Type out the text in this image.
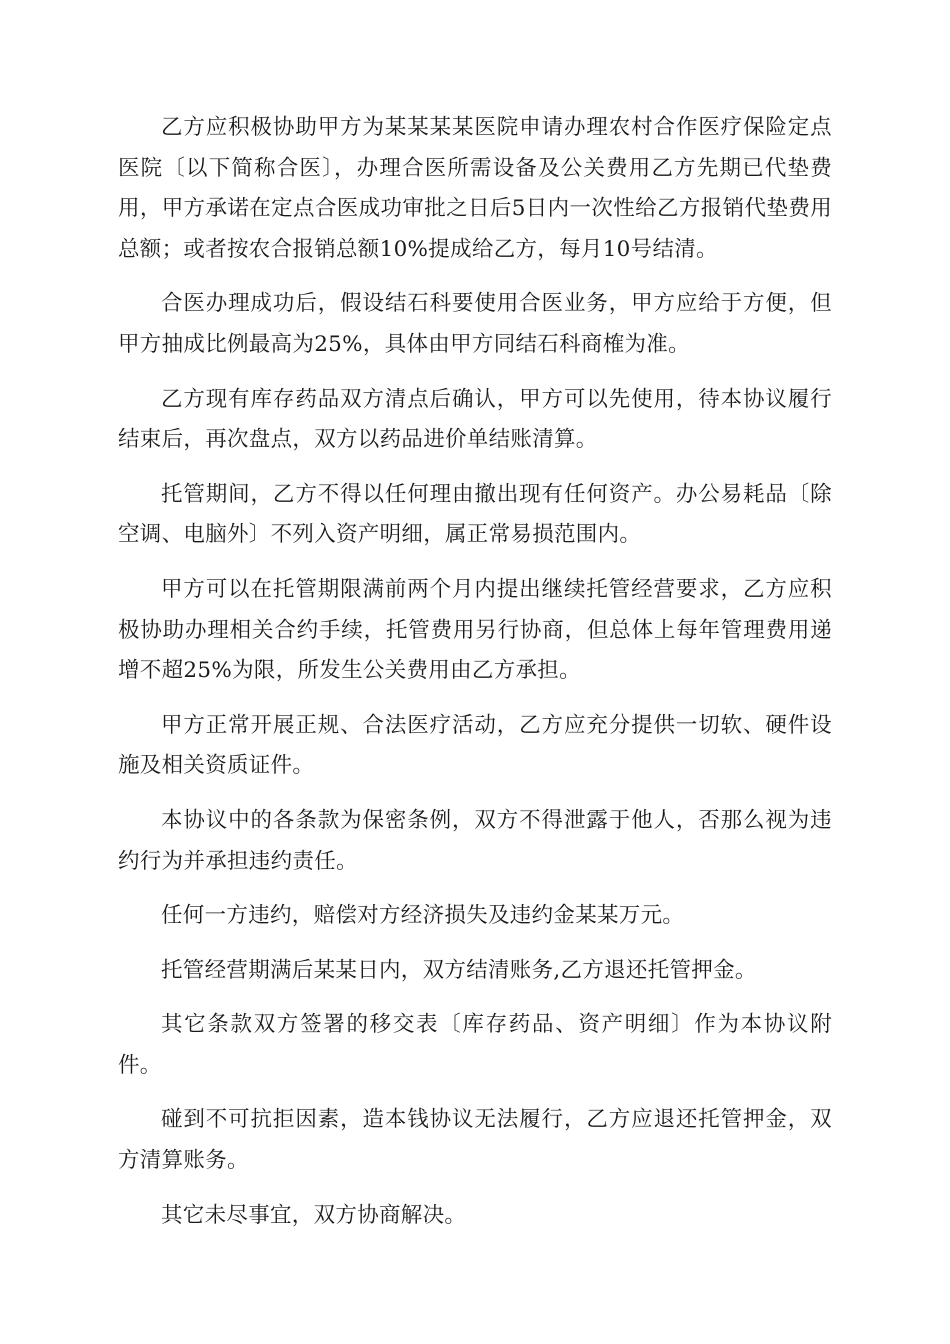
乙方应积极协助甲方为某某某某医院申请办理农村合作医疗保险定点医院〔以下简称合医〕，办理合医所需设备及公关费用乙方先期已代垫费用，甲方承诺在定点合医成功审批之日后5日内一次性给乙方报销代垫费用总额；或者按农合报销总额10%提成给乙方，每月10号结清。

合医办理成功后，假设结石科要使用合医业务，甲方应给于方便，但甲方抽成比例最高为25%，具体由甲方同结石科商榷为准。

乙方现有库存药品双方清点后确认，甲方可以先使用，待本协议履行结束后，再次盘点，双方以药品进价单结账清算。

托管期间，乙方不得以任何理由撤出现有任何资产。办公易耗品〔除空调、电脑外〕不列入资产明细，属正常易损范围内。

甲方可以在托管期限满前两个月内提出继续托管经营要求，乙方应积极协助办理相关合约手续，托管费用另行协商，但总体上每年管理费用递增不超25%为限，所发生公关费用由乙方承担。

甲方正常开展正规、合法医疗活动，乙方应充分提供一切软、硬件设施及相关资质证件。

本协议中的各条款为保密条例，双方不得泄露于他人，否那么视为违约行为并承担违约责任。

任何一方违约，赔偿对方经济损失及违约金某某万元。

托管经营期满后某某日内，双方结清账务,乙方退还托管押金。

其它条款双方签署的移交表〔库存药品、资产明细〕作为本协议附件。

碰到不可抗拒因素，造本钱协议无法履行，乙方应退还托管押金，双方清算账务。

其它未尽事宜，双方协商解决。
